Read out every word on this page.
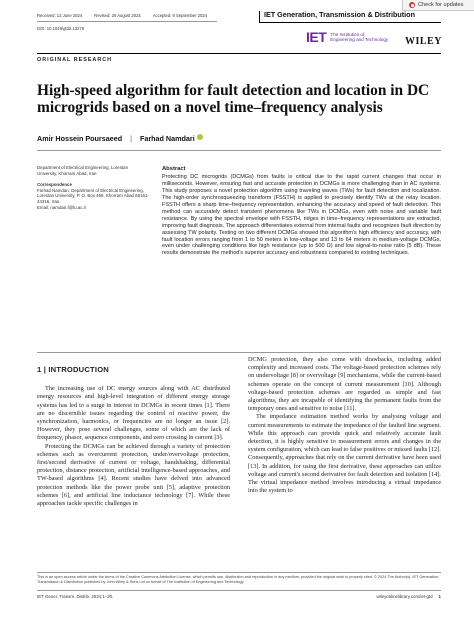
Check for updates
Received: 13 June 2024	Revised: 26 August 2024	Accepted: 9 September 2024
DOI: 10.1049/gtd2.13276
IET Generation, Transmission & Distribution
IET The Institution of
Engineering and Technology WILEY
ORIGINAL RESEARCH
High-speed algorithm for fault detection and location in DC microgrids based on a novel time–frequency analysis
Amir Hossein Poursaeed | Farhad Namdari
Department of Electrical Engineering, Lorestan University, Khorram Abad, Iran
Correspondence
Farhad Namdari, Department of Electrical Engineering, Lorestan University, P. O. Box 465, Khorram Abad 68151-44316, Iran.
Email: namdari.f@lu.ac.ir
Abstract
Protecting DC microgrids (DCMGs) from faults is critical due to the rapid current changes that occur in milliseconds. However, ensuring fast and accurate protection in DCMGs is more challenging than in AC systems. This study proposes a novel protection algorithm using traveling waves (TWs) for fault detection and localization. The high-order synchrosqueezing transform (FSSTH) is applied to precisely identify TWs at the relay location. FSSTH offers a sharp time–frequency representation, enhancing the accuracy and speed of fault detection. This method can accurately detect transient phenomena like TWs in DCMGs, even with noise and variable fault resistance. By using the spectral envelope with FSSTH, ridges in time–frequency representations are extracted, improving fault diagnosis. The approach differentiates external from internal faults and recognizes fault direction by assessing TW polarity. Testing on two different DCMGs showed this algorithm's high efficiency and accuracy, with fault location errors ranging from 1 to 50 meters in low-voltage and 13 to 64 meters in medium-voltage DCMGs, even under challenging conditions like high resistance (up to 500 Ω) and low signal-to-noise ratio (5 dB). These results demonstrate the method's superior accuracy and robustness compared to existing techniques.
1 | INTRODUCTION

The increasing use of DC energy sources along with AC distributed energy resources and high-level integration of different energy storage systems has led to a surge in interest in DCMGs in recent times [1]. There are no discernible issues regarding the control of reactive power, the synchronization, harmonics, or frequencies are no longer an issue [2]. However, they pose several challenges, some of which are the lack of frequency, phasor, sequence components, and zero crossing in current [3].

Protecting the DCMGs can be achieved through a variety of protection schemes such as overcurrent protection, under/overvoltage protection, first/second derivative of current or voltage, handshaking, differential protection, distance protection, artificial intelligence-based approaches, and TW-based algorithms [4]. Recent studies have delved into advanced protection methods like the power probe unit [5], adaptive protection schemes [6], and artificial line inductance technology [7]. While these approaches tackle specific challenges in

DCMG protection, they also come with drawbacks, including added complexity and increased costs. The voltage-based protection schemes rely on undervoltage [8] or overvoltage [9] mechanisms, while the current-based schemes operate on the concept of current measurement [10]. Although voltage-based protection schemes are regarded as simple and fast algorithms, they are incapable of identifying the permanent faults from the temporary ones and sensitive to noise [11].

The impedance estimation method works by analysing voltage and current measurements to estimate the impedance of the faulted line segment. While this approach can provide quick and relatively accurate fault detection, it is highly sensitive to measurement errors and changes in the system configuration, which can lead to false positives or missed faults [12]. Consequently, approaches that rely on the current derivative have been used [13]. In addition, for using the first derivative, these approaches can utilize voltage and current's second derivative for fault detection and isolation [14]. The virtual impedance method involves introducing a virtual impedance into the system to

This is an open access article under the terms of the Creative Commons Attribution License, which permits use, distribution and reproduction in any medium, provided the original work is properly cited. © 2024 The Author(s). IET Generation, Transmission & Distribution published by John Wiley & Sons Ltd on behalf of The Institution of Engineering and Technology.
IET Gener. Transm. Distrib. 2024;1–20.	wileyonlinelibrary.com/iet-gtd 1
